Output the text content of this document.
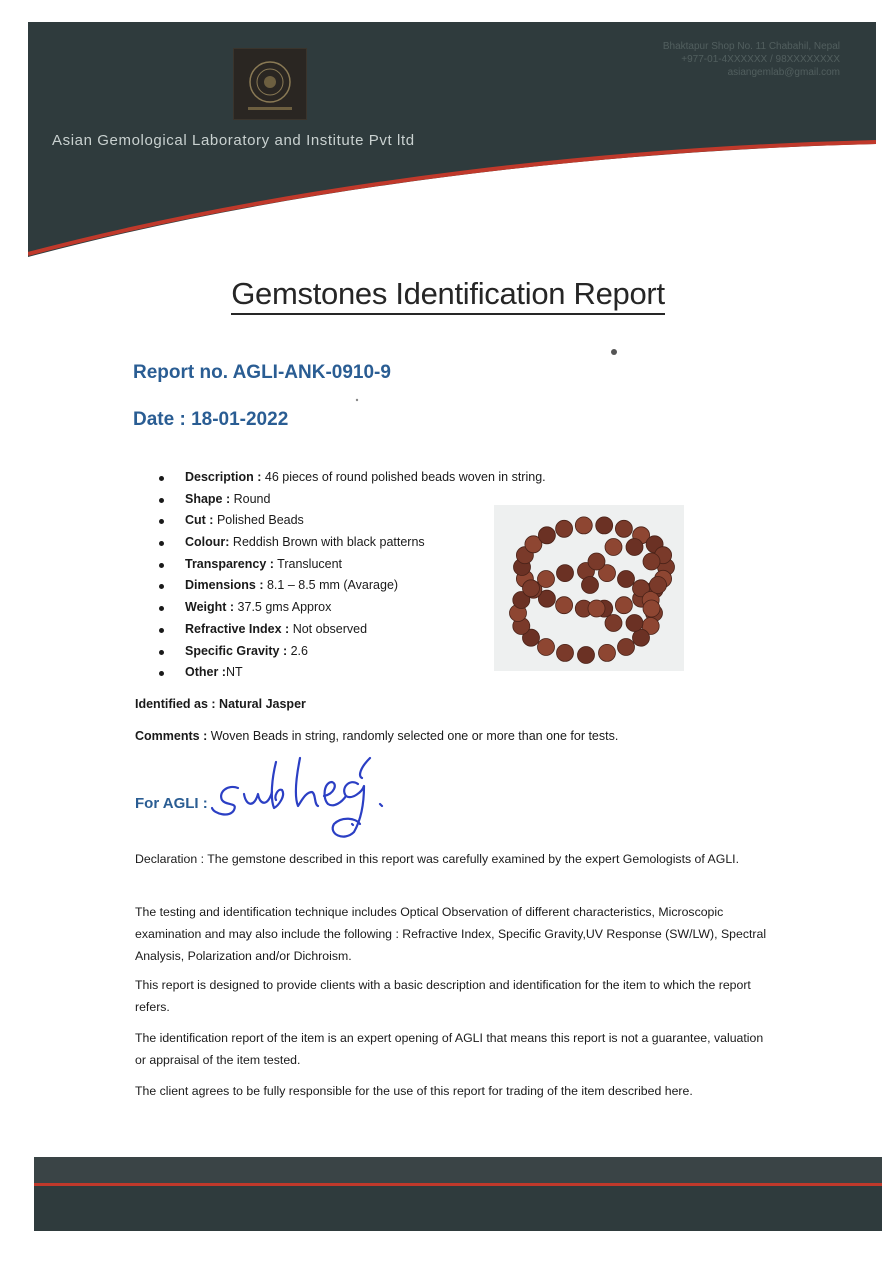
Bhaktapur Shop No. 11 Chabahil, Nepal
+977-01-4XXXXXX / 98XXXXXXXX
asiangemlab@gmail.com
Asian Gemological Laboratory and Institute Pvt ltd
Gemstones Identification Report
Report no. AGLI-ANK-0910-9
Date : 18-01-2022
Description : 46 pieces of round polished beads woven in string.
Shape : Round
Cut : Polished Beads
Colour: Reddish Brown with black patterns
Transparency : Translucent
Dimensions : 8.1 – 8.5 mm (Avarage)
Weight : 37.5 gms Approx
Refractive Index : Not observed
Specific Gravity : 2.6
Other :NT
Identified as : Natural Jasper
Comments : Woven Beads in string, randomly selected one or more than one for tests.
For AGLI :
Declaration : The gemstone described in this report was carefully examined by the expert Gemologists of AGLI.
The testing and identification technique includes Optical Observation of different characteristics, Microscopic examination and may also include the following : Refractive Index, Specific Gravity,UV Response (SW/LW), Spectral Analysis, Polarization and/or Dichroism.
This report is designed to provide clients with a basic description and identification for the item to which the report refers.
The identification report of the item is an expert opening of AGLI that means this report is not a guarantee, valuation or appraisal of the item tested.
The client agrees to be fully responsible for the use of this report for trading of the item described here.
